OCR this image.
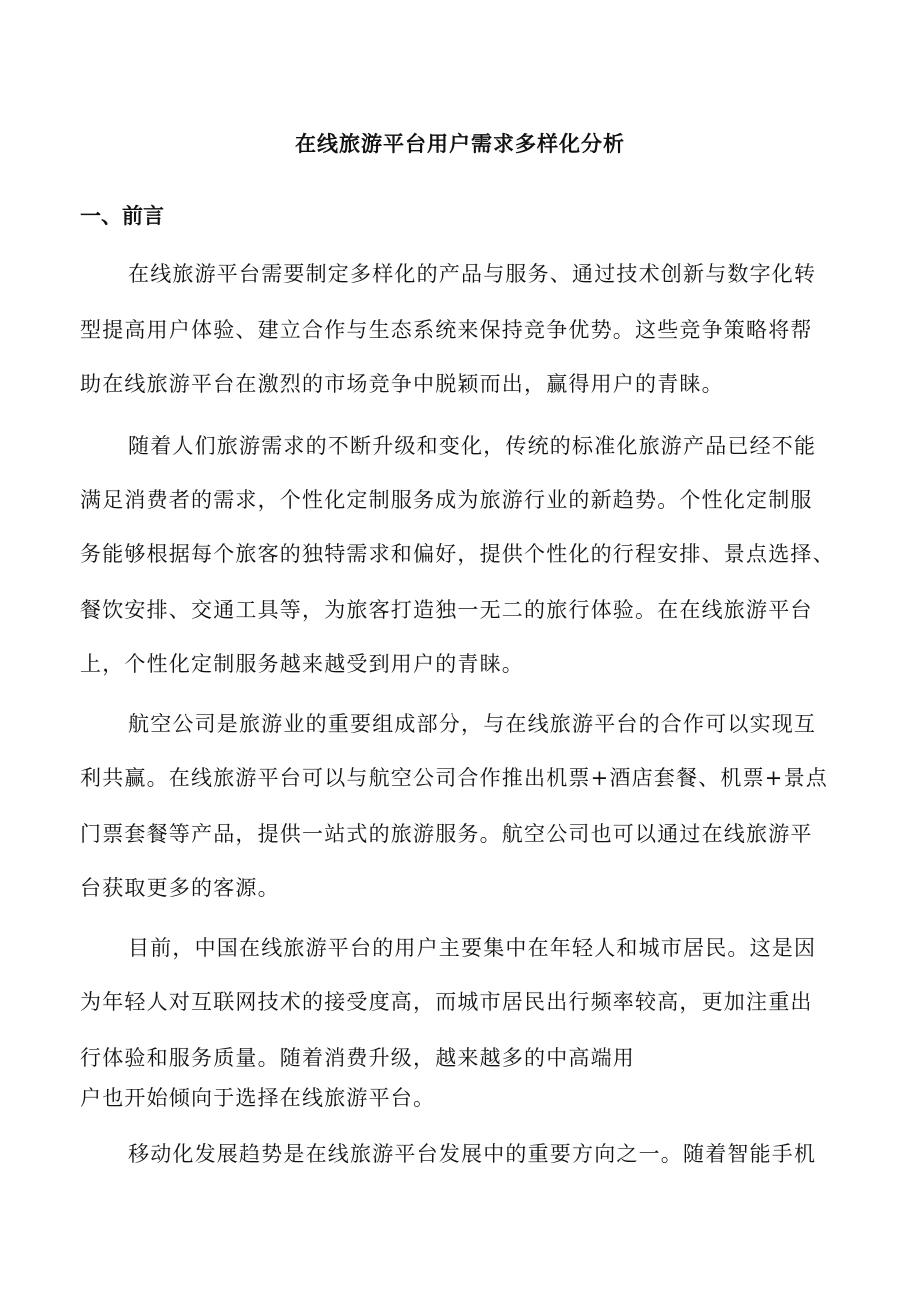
在线旅游平台用户需求多样化分析
一、前言

在线旅游平台需要制定多样化的产品与服务、通过技术创新与数字化转

型提高用户体验、建立合作与生态系统来保持竞争优势。这些竞争策略将帮

助在线旅游平台在激烈的市场竞争中脱颖而出，赢得用户的青睐。

随着人们旅游需求的不断升级和变化，传统的标准化旅游产品已经不能

满足消费者的需求，个性化定制服务成为旅游行业的新趋势。个性化定制服

务能够根据每个旅客的独特需求和偏好，提供个性化的行程安排、景点选择、

餐饮安排、交通工具等，为旅客打造独一无二的旅行体验。在在线旅游平台

上，个性化定制服务越来越受到用户的青睐。

航空公司是旅游业的重要组成部分，与在线旅游平台的合作可以实现互

利共赢。在线旅游平台可以与航空公司合作推出机票+酒店套餐、机票+景点

门票套餐等产品，提供一站式的旅游服务。航空公司也可以通过在线旅游平

台获取更多的客源。

目前，中国在线旅游平台的用户主要集中在年轻人和城市居民。这是因

为年轻人对互联网技术的接受度高，而城市居民出行频率较高，更加注重出

行体验和服务质量。随着消费升级，越来越多的中高端用

户也开始倾向于选择在线旅游平台。

移动化发展趋势是在线旅游平台发展中的重要方向之一。随着智能手机
